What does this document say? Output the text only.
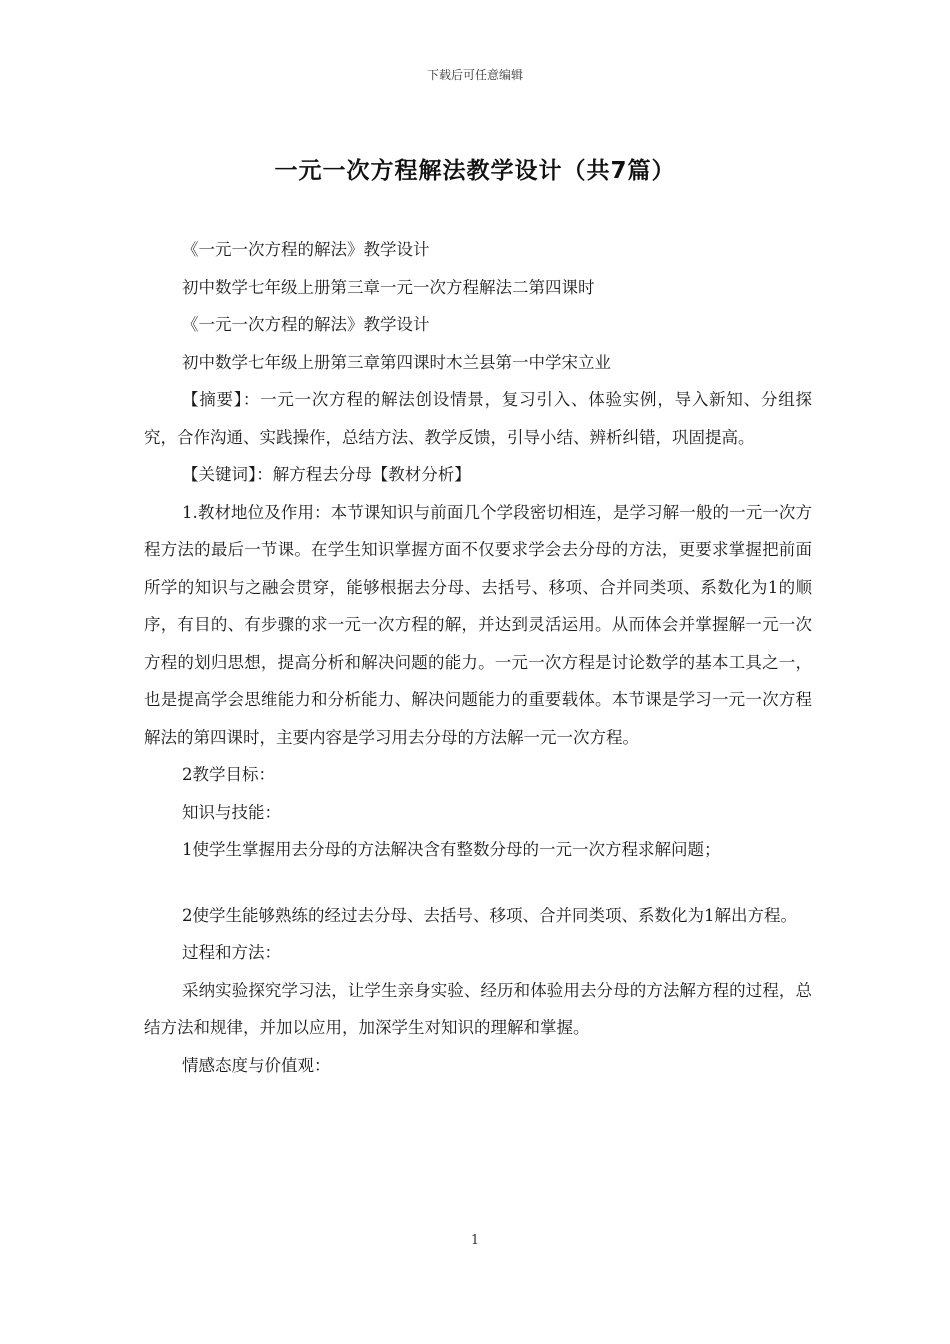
下载后可任意编辑
一元一次方程解法教学设计（共7篇）

《一元一次方程的解法》教学设计

初中数学七年级上册第三章一元一次方程解法二第四课时

《一元一次方程的解法》教学设计

初中数学七年级上册第三章第四课时木兰县第一中学宋立业

【摘要】：一元一次方程的解法创设情景，复习引入、体验实例，导入新知、分组探究，合作沟通、实践操作，总结方法、教学反馈，引导小结、辨析纠错，巩固提高。

【关键词】：解方程去分母【教材分析】

1.教材地位及作用：本节课知识与前面几个学段密切相连，是学习解一般的一元一次方程方法的最后一节课。在学生知识掌握方面不仅要求学会去分母的方法，更要求掌握把前面所学的知识与之融会贯穿，能够根据去分母、去括号、移项、合并同类项、系数化为1的顺序，有目的、有步骤的求一元一次方程的解，并达到灵活运用。从而体会并掌握解一元一次方程的划归思想，提高分析和解决问题的能力。一元一次方程是讨论数学的基本工具之一，也是提高学会思维能力和分析能力、解决问题能力的重要载体。本节课是学习一元一次方程解法的第四课时，主要内容是学习用去分母的方法解一元一次方程。

2教学目标：

知识与技能：

1使学生掌握用去分母的方法解决含有整数分母的一元一次方程求解问题；

2使学生能够熟练的经过去分母、去括号、移项、合并同类项、系数化为1解出方程。

过程和方法：

采纳实验探究学习法，让学生亲身实验、经历和体验用去分母的方法解方程的过程，总结方法和规律，并加以应用，加深学生对知识的理解和掌握。

情感态度与价值观：

1
